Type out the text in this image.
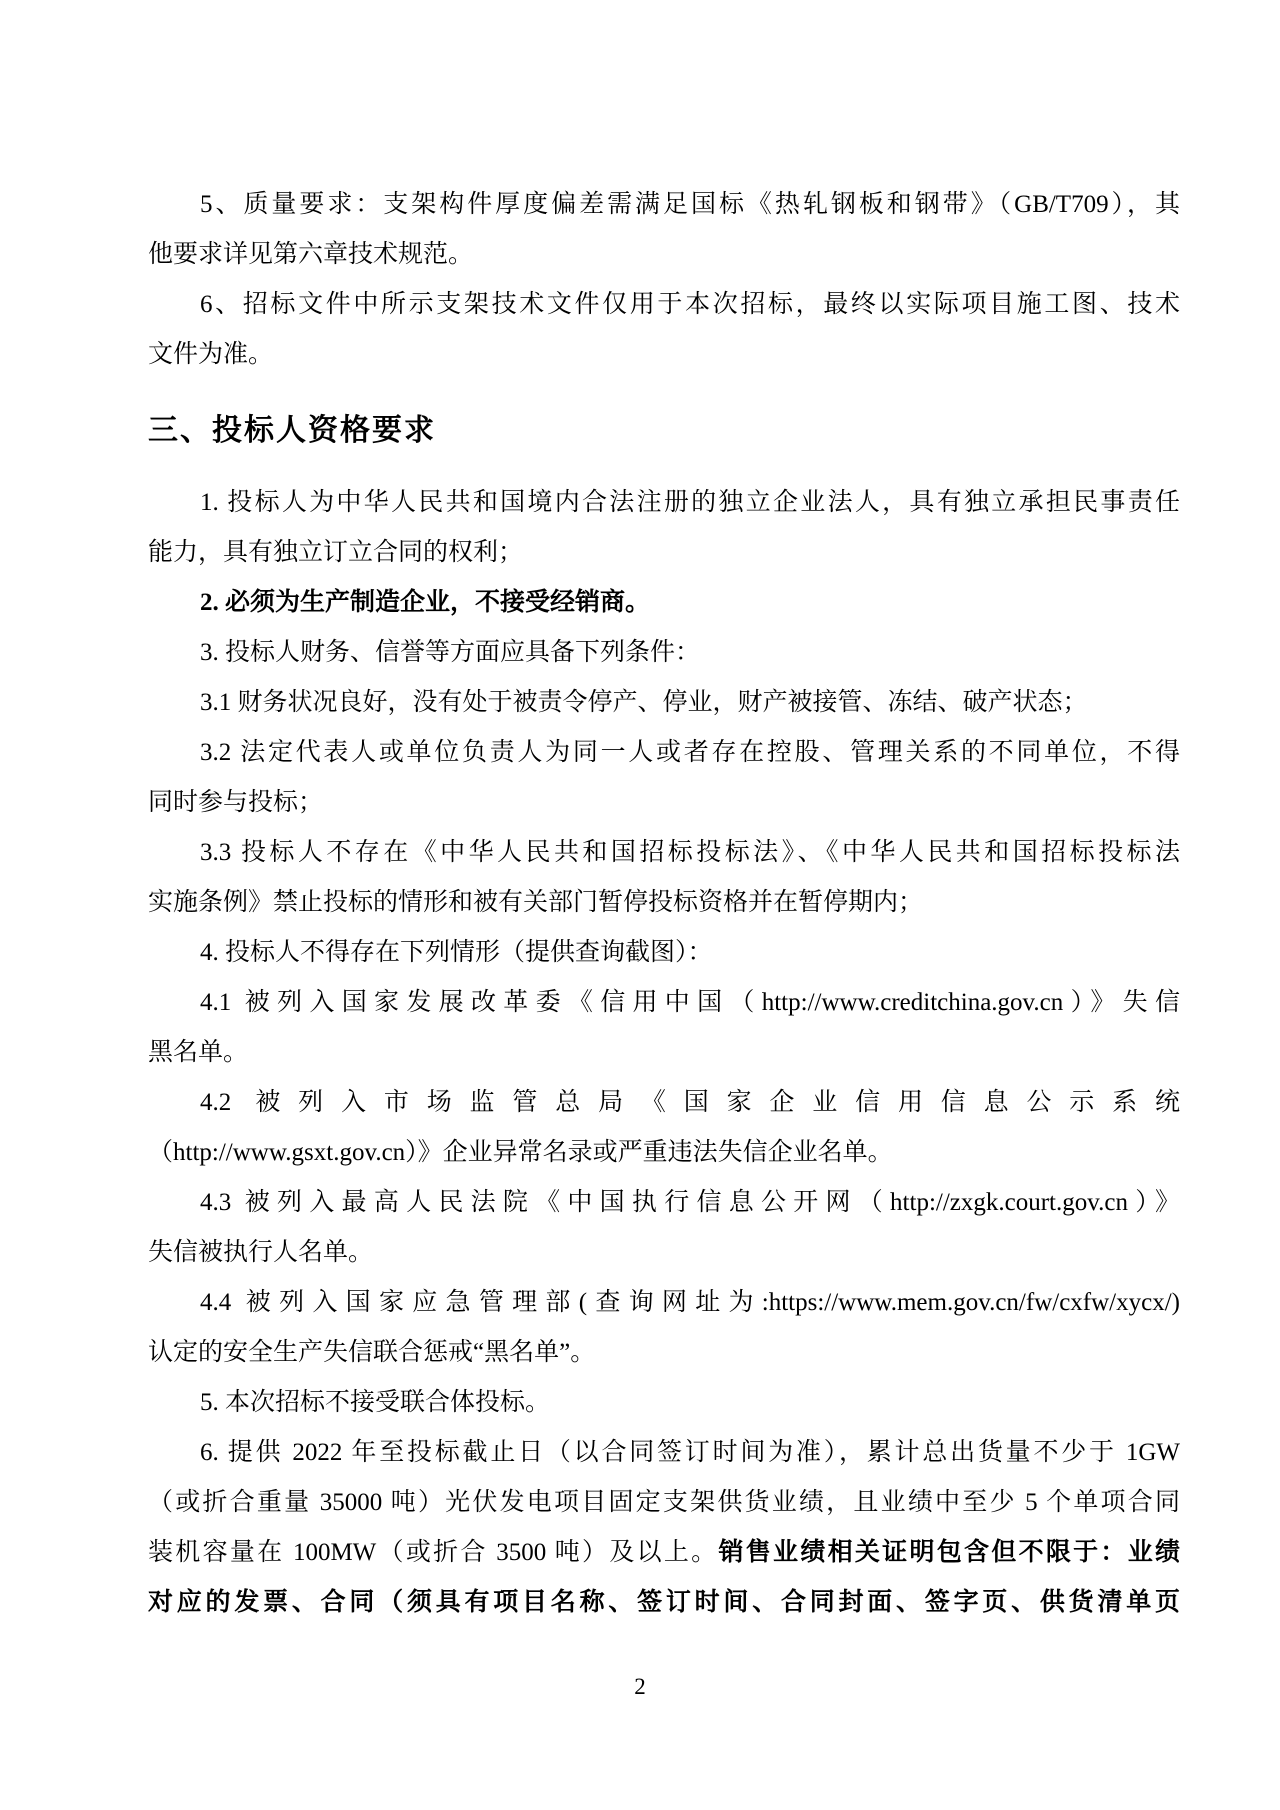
5、质量要求：支架构件厚度偏差需满足国标《热轧钢板和钢带》（GB/T709），其
他要求详见第六章技术规范。
6、招标文件中所示支架技术文件仅用于本次招标，最终以实际项目施工图、技术
文件为准。
三、投标人资格要求
1. 投标人为中华人民共和国境内合法注册的独立企业法人，具有独立承担民事责任
能力，具有独立订立合同的权利；
2. 必须为生产制造企业，不接受经销商。
3. 投标人财务、信誉等方面应具备下列条件：
3.1 财务状况良好，没有处于被责令停产、停业，财产被接管、冻结、破产状态；
3.2 法定代表人或单位负责人为同一人或者存在控股、管理关系的不同单位，不得
同时参与投标；
3.3 投标人不存在《中华人民共和国招标投标法》、《中华人民共和国招标投标法
实施条例》禁止投标的情形和被有关部门暂停投标资格并在暂停期内；
4. 投标人不得存在下列情形（提供查询截图）：
4.1 被列入国家发展改革委《信用中国（http://www.creditchina.gov.cn）》失信
黑名单。
4.2 被列入市场监管总局《国家企业信用信息公示系统
（http://www.gsxt.gov.cn）》企业异常名录或严重违法失信企业名单。
4.3 被列入最高人民法院《中国执行信息公开网（http://zxgk.court.gov.cn）》
失信被执行人名单。
4.4 被列入国家应急管理部(查询网址为:https://www.mem.gov.cn/fw/cxfw/xycx/)
认定的安全生产失信联合惩戒“黑名单”。
5. 本次招标不接受联合体投标。
6. 提供 2022 年至投标截止日（以合同签订时间为准），累计总出货量不少于 1GW
（或折合重量 35000 吨）光伏发电项目固定支架供货业绩，且业绩中至少 5 个单项合同
装机容量在 100MW（或折合 3500 吨）及以上。销售业绩相关证明包含但不限于：业绩
对应的发票、合同（须具有项目名称、签订时间、合同封面、签字页、供货清单页
2
